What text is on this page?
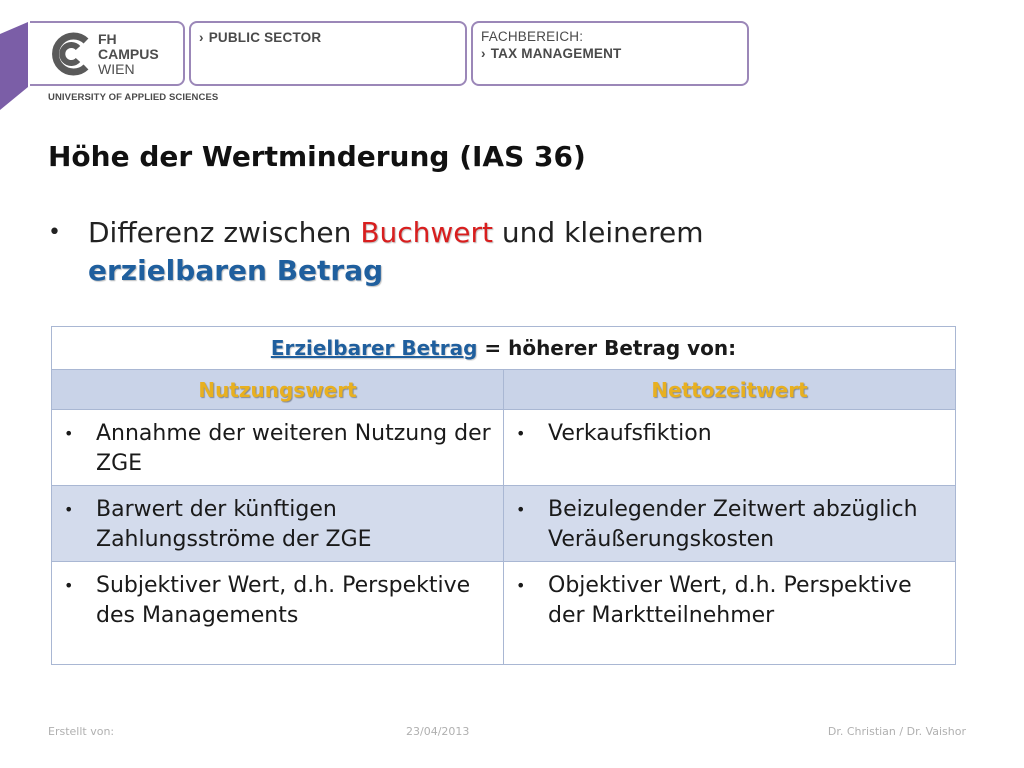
FH
CAMPUS
WIEN
› PUBLIC SECTOR	FACHBEREICH:
› TAX MANAGEMENT
UNIVERSITY OF APPLIED SCIENCES
Höhe der Wertminderung (IAS 36)
• Differenz zwischen Buchwert und kleinerem
erzielbaren Betrag
Erzielbarer Betrag = höherer Betrag von:	
Nutzungswert	Nettozeitwert

• Annahme der weiteren Nutzung der ZGE	• Verkaufsfiktion

• Barwert der künftigen Zahlungsströme der ZGE	• Beizulegender Zeitwert abzüglich Veräußerungskosten

• Subjektiver Wert, d.h. Perspektive des Managements	• Objektiver Wert, d.h. Perspektive der Marktteilnehmer
Erstellt von:	23/04/2013	Dr. Christian / Dr. Vaishor
